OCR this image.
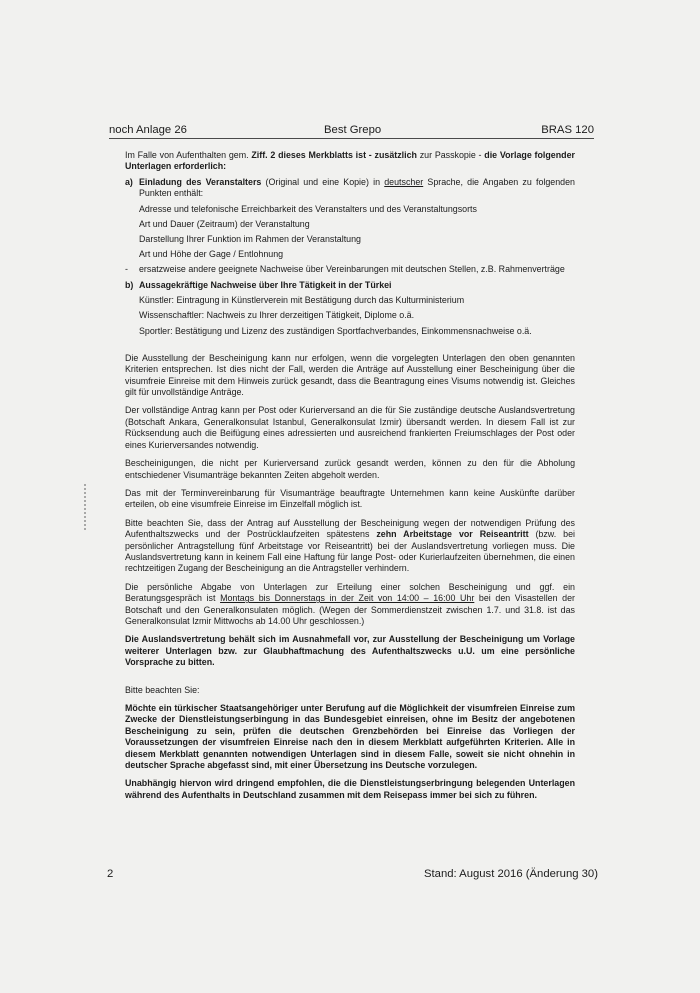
noch Anlage 26	Best Grepo	BRAS 120

Im Falle von Aufenthalten gem. Ziff. 2 dieses Merkblatts ist - zusätzlich zur Passkopie - die Vorlage folgender Unterlagen erforderlich:

a) Einladung des Veranstalters (Original und eine Kopie) in deutscher Sprache, die Angaben zu folgenden Punkten enthält:

Adresse und telefonische Erreichbarkeit des Veranstalters und des Veranstaltungsorts
Art und Dauer (Zeitraum) der Veranstaltung
Darstellung Ihrer Funktion im Rahmen der Veranstaltung
Art und Höhe der Gage / Entlohnung
- ersatzweise andere geeignete Nachweise über Vereinbarungen mit deutschen Stellen, z.B. Rahmenverträge

b) Aussagekräftige Nachweise über Ihre Tätigkeit in der Türkei

Künstler: Eintragung in Künstlerverein mit Bestätigung durch das Kulturministerium
Wissenschaftler: Nachweis zu Ihrer derzeitigen Tätigkeit, Diplome o.ä.
Sportler: Bestätigung und Lizenz des zuständigen Sportfachverbandes, Einkommensnachweise o.ä.

Die Ausstellung der Bescheinigung kann nur erfolgen, wenn die vorgelegten Unterlagen den oben genannten Kriterien entsprechen. Ist dies nicht der Fall, werden die Anträge auf Ausstellung einer Bescheinigung über die visumfreie Einreise mit dem Hinweis zurück gesandt, dass die Beantragung eines Visums notwendig ist. Gleiches gilt für unvollständige Anträge.

Der vollständige Antrag kann per Post oder Kurierversand an die für Sie zuständige deutsche Auslandsvertretung (Botschaft Ankara, Generalkonsulat Istanbul, Generalkonsulat Izmir) übersandt werden. In diesem Fall ist zur Rücksendung auch die Beifügung eines adressierten und ausreichend frankierten Freiumschlages der Post oder eines Kurierversandes notwendig.

Bescheinigungen, die nicht per Kurierversand zurück gesandt werden, können zu den für die Abholung entschiedener Visumanträge bekannten Zeiten abgeholt werden.

Das mit der Terminvereinbarung für Visumanträge beauftragte Unternehmen kann keine Auskünfte darüber erteilen, ob eine visumfreie Einreise im Einzelfall möglich ist.

Bitte beachten Sie, dass der Antrag auf Ausstellung der Bescheinigung wegen der notwendigen Prüfung des Aufenthaltszwecks und der Postrücklaufzeiten spätestens zehn Arbeitstage vor Reiseantritt (bzw. bei persönlicher Antragstellung fünf Arbeitstage vor Reiseantritt) bei der Auslandsvertretung vorliegen muss. Die Auslandsvertretung kann in keinem Fall eine Haftung für lange Post- oder Kurierlaufzeiten übernehmen, die einen rechtzeitigen Zugang der Bescheinigung an die Antragsteller verhindern.

Die persönliche Abgabe von Unterlagen zur Erteilung einer solchen Bescheinigung und ggf. ein Beratungsgespräch ist Montags bis Donnerstags in der Zeit von 14:00 – 16:00 Uhr bei den Visastellen der Botschaft und den Generalkonsulaten möglich. (Wegen der Sommerdienstzeit zwischen 1.7. und 31.8. ist das Generalkonsulat Izmir Mittwochs ab 14.00 Uhr geschlossen.)

Die Auslandsvertretung behält sich im Ausnahmefall vor, zur Ausstellung der Bescheinigung um Vorlage weiterer Unterlagen bzw. zur Glaubhaftmachung des Aufenthaltszwecks u.U. um eine persönliche Vorsprache zu bitten.

Bitte beachten Sie:

Möchte ein türkischer Staatsangehöriger unter Berufung auf die Möglichkeit der visumfreien Einreise zum Zwecke der Dienstleistungserbingung in das Bundesgebiet einreisen, ohne im Besitz der angebotenen Bescheinigung zu sein, prüfen die deutschen Grenzbehörden bei Einreise das Vorliegen der Voraussetzungen der visumfreien Einreise nach den in diesem Merkblatt aufgeführten Kriterien. Alle in diesem Merkblatt genannten notwendigen Unterlagen sind in diesem Falle, soweit sie nicht ohnehin in deutscher Sprache abgefasst sind, mit einer Übersetzung ins Deutsche vorzulegen.

Unabhängig hiervon wird dringend empfohlen, die die Dienstleistungserbringung belegenden Unterlagen während des Aufenthalts in Deutschland zusammen mit dem Reisepass immer bei sich zu führen.

2	Stand: August 2016 (Änderung 30)
